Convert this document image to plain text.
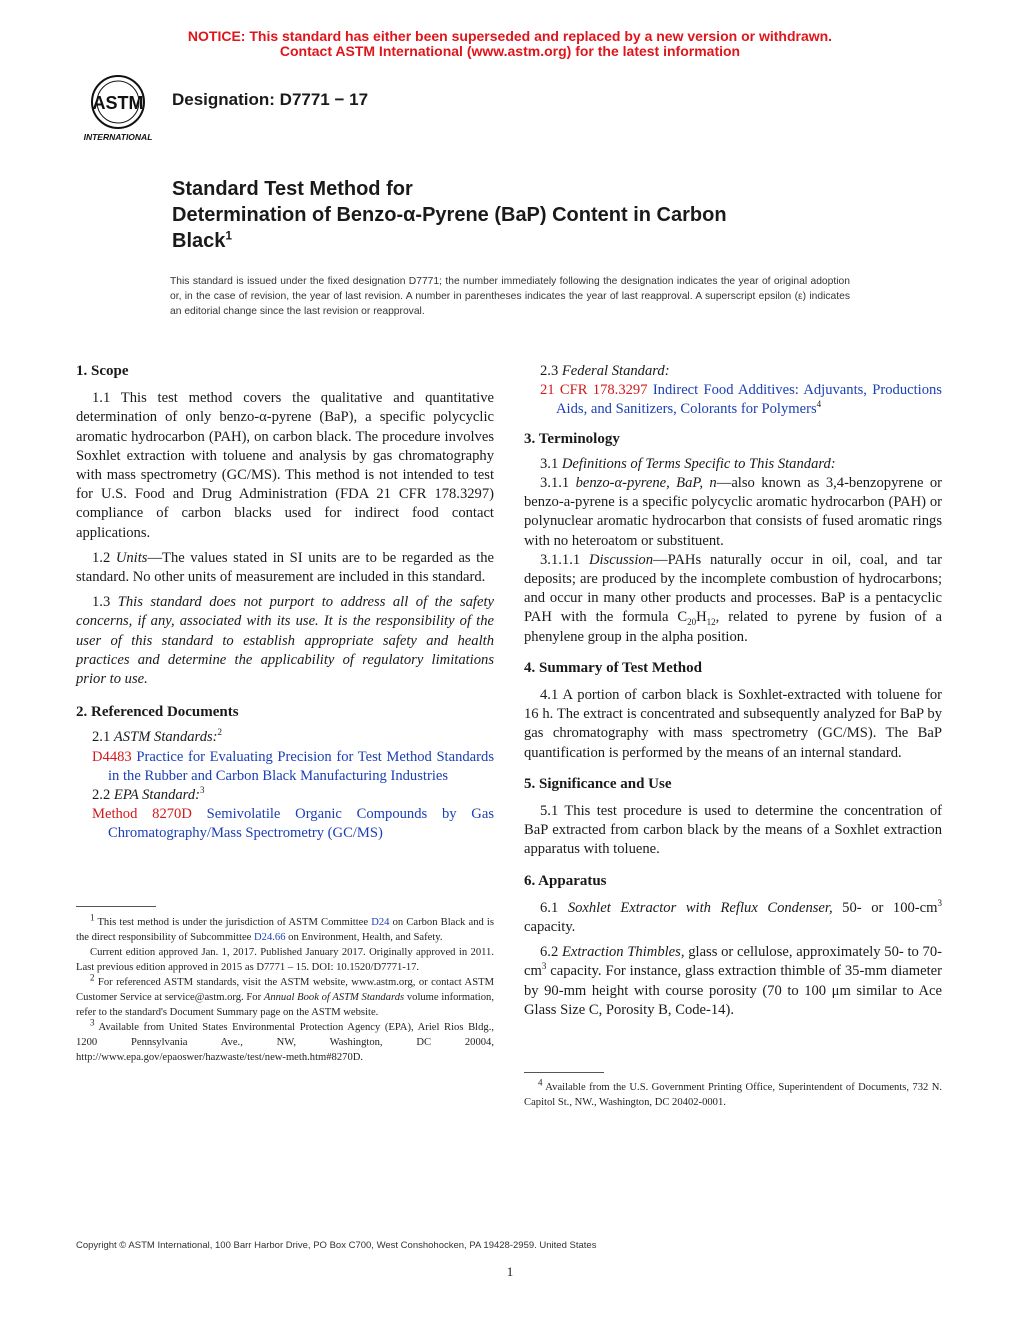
NOTICE: This standard has either been superseded and replaced by a new version or withdrawn.
Contact ASTM International (www.astm.org) for the latest information
ASTM
INTERNATIONAL
Designation: D7771 − 17
Standard Test Method for
Determination of Benzo-α-Pyrene (BaP) Content in Carbon
Black$^1$
This standard is issued under the fixed designation D7771; the number immediately following the designation indicates the year of original adoption or, in the case of revision, the year of last revision. A number in parentheses indicates the year of last reapproval. A superscript epsilon (ε) indicates an editorial change since the last revision or reapproval.

1. Scope

1.1 This test method covers the qualitative and quantitative determination of only benzo-α-pyrene (BaP), a specific polycyclic aromatic hydrocarbon (PAH), on carbon black. The procedure involves Soxhlet extraction with toluene and analysis by gas chromatography with mass spectrometry (GC/MS). This method is not intended to test for U.S. Food and Drug Administration (FDA 21 CFR 178.3297) compliance of carbon blacks used for indirect food contact applications.

1.2 Units—The values stated in SI units are to be regarded as the standard. No other units of measurement are included in this standard.

1.3 This standard does not purport to address all of the safety concerns, if any, associated with its use. It is the responsibility of the user of this standard to establish appropriate safety and health practices and determine the applicability of regulatory limitations prior to use.

2. Referenced Documents

2.1 ASTM Standards:$^2$

D4483 Practice for Evaluating Precision for Test Method Standards in the Rubber and Carbon Black Manufacturing Industries

2.2 EPA Standard:$^3$

Method 8270D Semivolatile Organic Compounds by Gas Chromatography/Mass Spectrometry (GC/MS)

$^1$ This test method is under the jurisdiction of ASTM Committee D24 on Carbon Black and is the direct responsibility of Subcommittee D24.66 on Environment, Health, and Safety.

Current edition approved Jan. 1, 2017. Published January 2017. Originally approved in 2011. Last previous edition approved in 2015 as D7771 – 15. DOI: 10.1520/D7771-17.

$^2$ For referenced ASTM standards, visit the ASTM website, www.astm.org, or contact ASTM Customer Service at service@astm.org. For Annual Book of ASTM Standards volume information, refer to the standard's Document Summary page on the ASTM website.

$^3$ Available from United States Environmental Protection Agency (EPA), Ariel Rios Bldg., 1200 Pennsylvania Ave., NW, Washington, DC 20004, http://www.epa.gov/epaoswer/hazwaste/test/new-meth.htm#8270D.

2.3 Federal Standard:

21 CFR 178.3297 Indirect Food Additives: Adjuvants, Productions Aids, and Sanitizers, Colorants for Polymers$^4$

3. Terminology

3.1 Definitions of Terms Specific to This Standard:

3.1.1 benzo-α-pyrene, BaP, n—also known as 3,4-benzopyrene or benzo-a-pyrene is a specific polycyclic aromatic hydrocarbon (PAH) or polynuclear aromatic hydrocarbon that consists of fused aromatic rings with no heteroatom or substituent.

3.1.1.1 Discussion—PAHs naturally occur in oil, coal, and tar deposits; are produced by the incomplete combustion of hydrocarbons; and occur in many other products and processes. BaP is a pentacyclic PAH with the formula $C_{20}H_{12}$, related to pyrene by fusion of a phenylene group in the alpha position.

4. Summary of Test Method

4.1 A portion of carbon black is Soxhlet-extracted with toluene for 16 h. The extract is concentrated and subsequently analyzed for BaP by gas chromatography with mass spectrometry (GC/MS). The BaP quantification is performed by the means of an internal standard.

5. Significance and Use

5.1 This test procedure is used to determine the concentration of BaP extracted from carbon black by the means of a Soxhlet extraction apparatus with toluene.

6. Apparatus

6.1 Soxhlet Extractor with Reflux Condenser, 50- or $100-cm^3$ capacity.

6.2 Extraction Thimbles, glass or cellulose, approximately 50- to $70-cm^3$ capacity. For instance, glass extraction thimble of 35-mm diameter by 90-mm height with course porosity (70 to 100 μm similar to Ace Glass Size C, Porosity B, Code-14).

$^4$ Available from the U.S. Government Printing Office, Superintendent of Documents, 732 N. Capitol St., NW., Washington, DC 20402-0001.

Copyright © ASTM International, 100 Barr Harbor Drive, PO Box C700, West Conshohocken, PA 19428-2959. United States
1
